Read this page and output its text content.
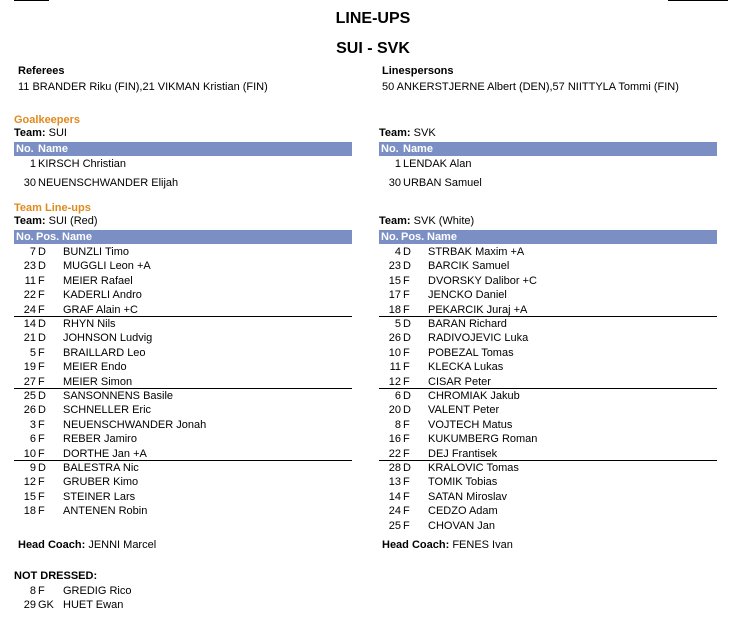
LINE-UPS
SUI - SVK
Referees
11 BRANDER Riku (FIN),21 VIKMAN Kristian (FIN)
Linespersons
50 ANKERSTJERNE Albert (DEN),57 NIITTYLA Tommi (FIN)
Goalkeepers
Team: SUI	Team: SVK
No. Name	No. Name
1 KIRSCH Christian
30 NEUENSCHWANDER Elijah
1 LENDAK Alan
30 URBAN Samuel
Team Line-ups
Team: SUI (Red)	Team: SVK (White)
No. Pos. Name	No. Pos. Name
7 D BUNZLI Timo
23 D MUGGLI Leon +A
11 F MEIER Rafael
22 F KADERLI Andro
24 F GRAF Alain +C
14 D RHYN Nils
21 D JOHNSON Ludvig
5 F BRAILLARD Leo
19 F MEIER Endo
27 F MEIER Simon
25 D SANSONNENS Basile
26 D SCHNELLER Eric
3 F NEUENSCHWANDER Jonah
6 F REBER Jamiro
10 F DORTHE Jan +A
9 D BALESTRA Nic
12 F GRUBER Kimo
15 F STEINER Lars
18 F ANTENEN Robin
4 D STRBAK Maxim +A
23 D BARCIK Samuel
15 F DVORSKY Dalibor +C
17 F JENCKO Daniel
18 F PEKARCIK Juraj +A
5 D BARAN Richard
26 D RADIVOJEVIC Luka
10 F POBEZAL Tomas
11 F KLECKA Lukas
12 F CISAR Peter
6 D CHROMIAK Jakub
20 D VALENT Peter
8 F VOJTECH Matus
16 F KUKUMBERG Roman
22 F DEJ Frantisek
28 D KRALOVIC Tomas
13 F TOMIK Tobias
14 F SATAN Miroslav
24 F CEDZO Adam
25 F CHOVAN Jan
Head Coach: JENNI Marcel	Head Coach: FENES Ivan
NOT DRESSED:
8 F GREDIG Rico
29 GK HUET Ewan
